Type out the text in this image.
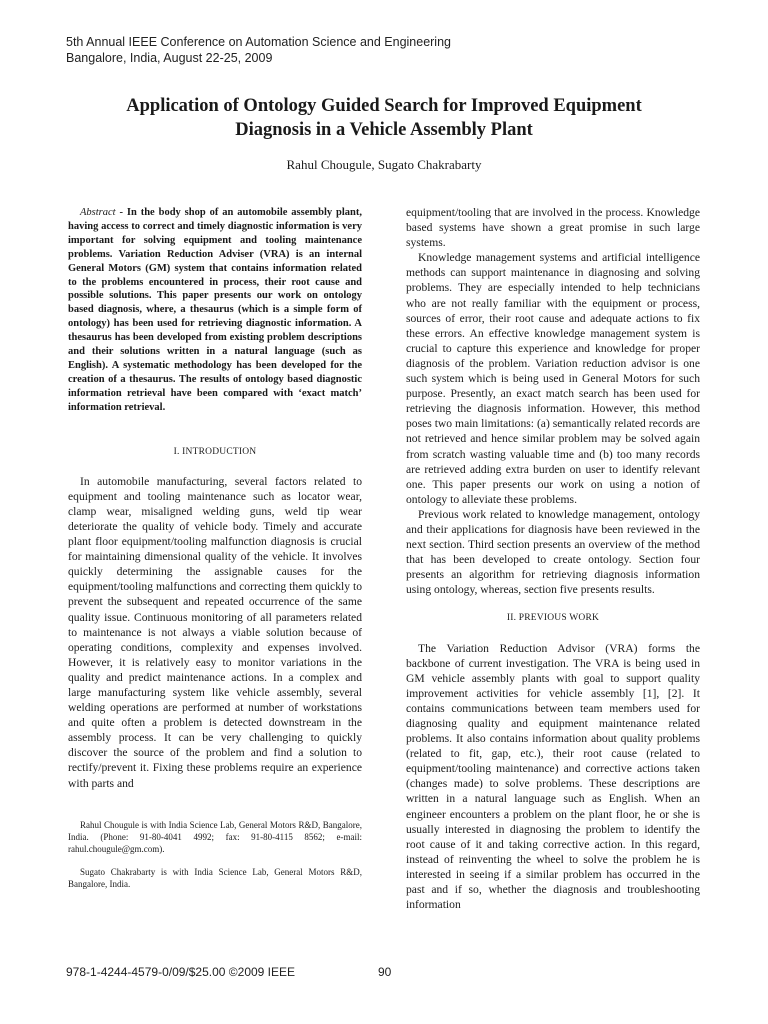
5th Annual IEEE Conference on Automation Science and Engineering
Bangalore, India, August 22-25, 2009
Application of Ontology Guided Search for Improved Equipment
Diagnosis in a Vehicle Assembly Plant
Rahul Chougule, Sugato Chakrabarty

Abstract - In the body shop of an automobile assembly plant, having access to correct and timely diagnostic information is very important for solving equipment and tooling maintenance problems. Variation Reduction Adviser (VRA) is an internal General Motors (GM) system that contains information related to the problems encountered in process, their root cause and possible solutions. This paper presents our work on ontology based diagnosis, where, a thesaurus (which is a simple form of ontology) has been used for retrieving diagnostic information. A thesaurus has been developed from existing problem descriptions and their solutions written in a natural language (such as English). A systematic methodology has been developed for the creation of a thesaurus. The results of ontology based diagnostic information retrieval have been compared with ‘exact match’ information retrieval.

I. INTRODUCTION

In automobile manufacturing, several factors related to equipment and tooling maintenance such as locator wear, clamp wear, misaligned welding guns, weld tip wear deteriorate the quality of vehicle body. Timely and accurate plant floor equipment/tooling malfunction diagnosis is crucial for maintaining dimensional quality of the vehicle. It involves quickly determining the assignable causes for the equipment/tooling malfunctions and correcting them quickly to prevent the subsequent and repeated occurrence of the same quality issue. Continuous monitoring of all parameters related to maintenance is not always a viable solution because of operating conditions, complexity and expenses involved. However, it is relatively easy to monitor variations in the quality and predict maintenance actions. In a complex and large manufacturing system like vehicle assembly, several welding operations are performed at number of workstations and quite often a problem is detected downstream in the assembly process. It can be very challenging to quickly discover the source of the problem and find a solution to rectify/prevent it. Fixing these problems require an experience with parts and

Rahul Chougule is with India Science Lab, General Motors R&D, Bangalore, India. (Phone: 91-80-4041 4992; fax: 91-80-4115 8562; e-mail: rahul.chougule@gm.com).

Sugato Chakrabarty is with India Science Lab, General Motors R&D, Bangalore, India.

equipment/tooling that are involved in the process. Knowledge based systems have shown a great promise in such large systems.

Knowledge management systems and artificial intelligence methods can support maintenance in diagnosing and solving problems. They are especially intended to help technicians who are not really familiar with the equipment or process, sources of error, their root cause and adequate actions to fix these errors. An effective knowledge management system is crucial to capture this experience and knowledge for proper diagnosis of the problem. Variation reduction advisor is one such system which is being used in General Motors for such purpose. Presently, an exact match search has been used for retrieving the diagnosis information. However, this method poses two main limitations: (a) semantically related records are not retrieved and hence similar problem may be solved again from scratch wasting valuable time and (b) too many records are retrieved adding extra burden on user to identify relevant one. This paper presents our work on using a notion of ontology to alleviate these problems.

Previous work related to knowledge management, ontology and their applications for diagnosis have been reviewed in the next section. Third section presents an overview of the method that has been developed to create ontology. Section four presents an algorithm for retrieving diagnosis information using ontology, whereas, section five presents results.

II. PREVIOUS WORK

The Variation Reduction Advisor (VRA) forms the backbone of current investigation. The VRA is being used in GM vehicle assembly plants with goal to support quality improvement activities for vehicle assembly [1], [2]. It contains communications between team members used for diagnosing quality and equipment maintenance related problems. It also contains information about quality problems (related to fit, gap, etc.), their root cause (related to equipment/tooling maintenance) and corrective actions taken (changes made) to solve problems. These descriptions are written in a natural language such as English. When an engineer encounters a problem on the plant floor, he or she is usually interested in diagnosing the problem to identify the root cause of it and taking corrective action. In this regard, instead of reinventing the wheel to solve the problem he is interested in seeing if a similar problem has occurred in the past and if so, whether the diagnosis and troubleshooting information

978-1-4244-4579-0/09/$25.00 ©2009 IEEE	90
